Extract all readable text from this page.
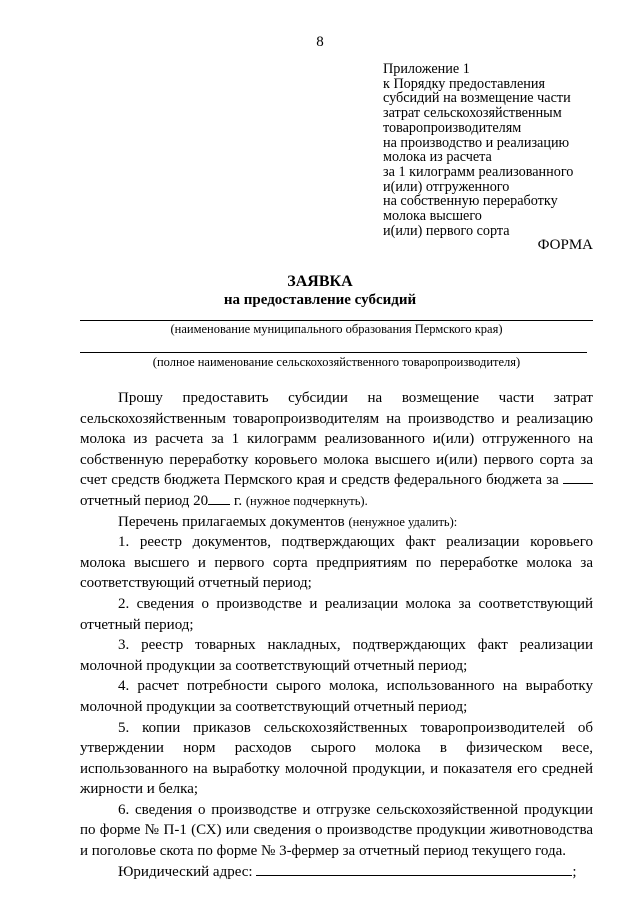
8
Приложение 1
к Порядку предоставления
субсидий на возмещение части
затрат сельскохозяйственным
товаропроизводителям
на производство и реализацию
молока из расчета
за 1 килограмм реализованного
и(или) отгруженного
на собственную переработку
молока высшего
и(или) первого сорта
ФОРМА
ЗАЯВКА
на предоставление субсидий
(наименование муниципального образования Пермского края)
(полное наименование сельскохозяйственного товаропроизводителя)

Прошу предоставить субсидии на возмещение части затрат сельскохозяйственным товаропроизводителям на производство и реализацию молока из расчета за 1 килограмм реализованного и(или) отгруженного на собственную переработку коровьего молока высшего и(или) первого сорта за счет средств бюджета Пермского края и средств федерального бюджета за  отчетный период 20 г. (нужное подчеркнуть).

Перечень прилагаемых документов (ненужное удалить):

1. реестр документов, подтверждающих факт реализации коровьего молока высшего и первого сорта предприятиям по переработке молока за соответствующий отчетный период;

2. сведения о производстве и реализации молока за соответствующий отчетный период;

3. реестр товарных накладных, подтверждающих факт реализации молочной продукции за соответствующий отчетный период;

4. расчет потребности сырого молока, использованного на выработку молочной продукции за соответствующий отчетный период;

5. копии приказов сельскохозяйственных товаропроизводителей об утверждении норм расходов сырого молока в физическом весе, использованного на выработку молочной продукции, и показателя его средней жирности и белка;

6. сведения о производстве и отгрузке сельскохозяйственной продукции по форме № П-1 (СХ) или сведения о производстве продукции животноводства и поголовье скота по форме № 3-фермер за отчетный период текущего года.

Юридический адрес:	;
